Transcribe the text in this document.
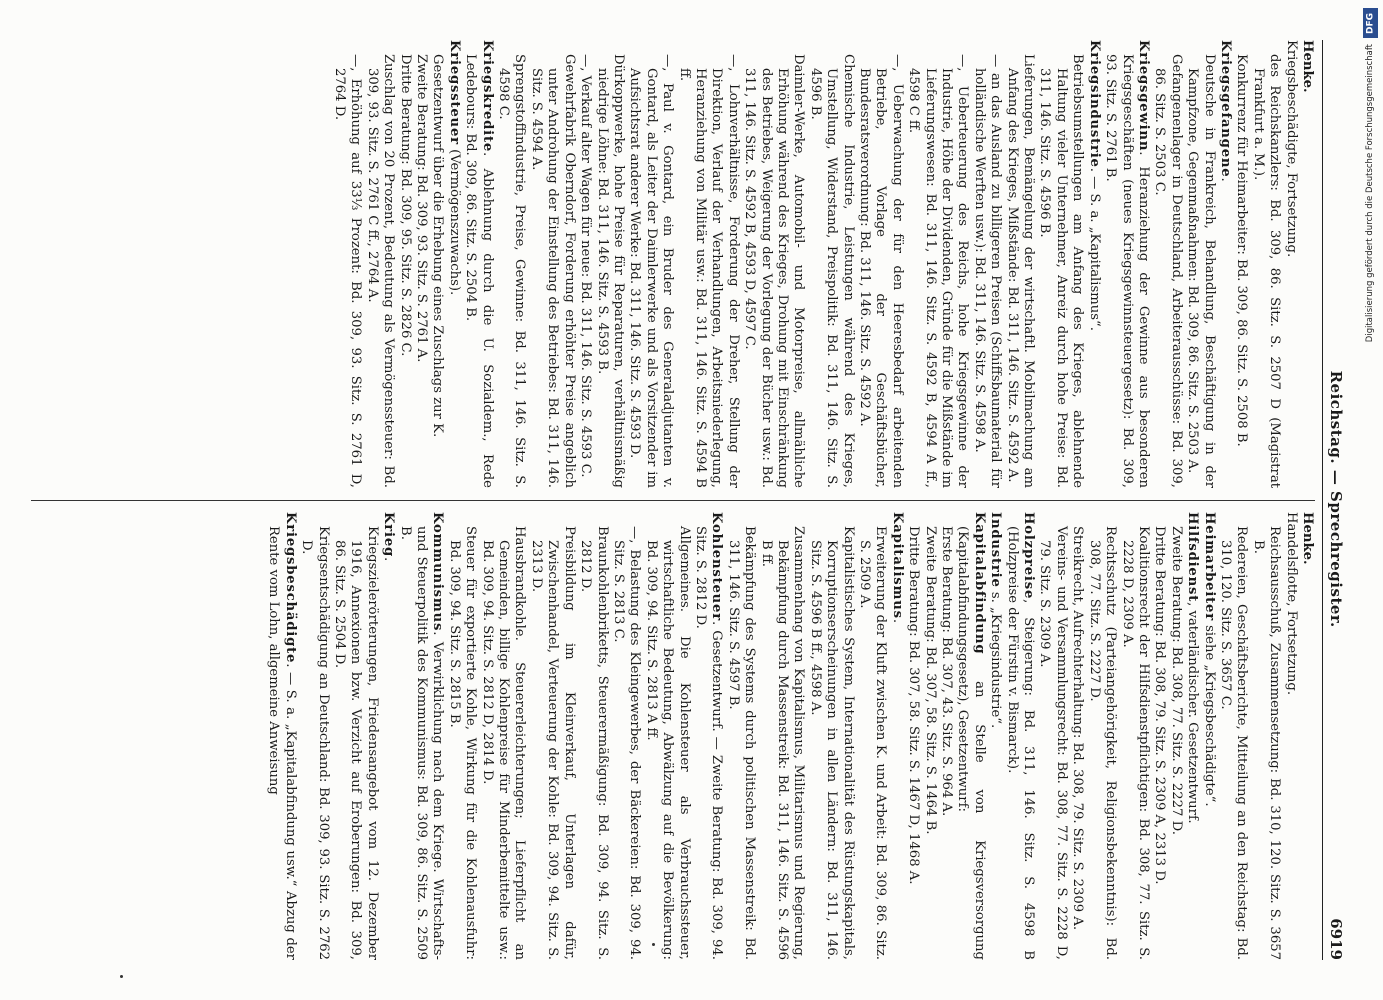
Reichstag. — Sprechregister.
6919

Henke.

Kriegsbeschädigte, Fortsetzung.

des Reichskanzlers: Bd. 309, 86. Sitz. S. 2507 D (Magistrat Frankfurt a. M.).

Konkurrenz für Heimarbeiter: Bd. 309, 86. Sitz. S. 2508 B.

Kriegsgefangene.

Deutsche in Frankreich, Behandlung, Beschäftigung in der Kampfzone, Gegenmaßnahmen: Bd. 309, 86. Sitz. S. 2503 A.

Gefangenenlager in Deutschland, Arbeiterausschüsse: Bd. 309, 86. Sitz. S. 2503 C.

Kriegsgewinn. Heranziehung der Gewinne aus besonderen Kriegsgeschäften (neues Kriegsgewinnsteuergesetz): Bd. 309, 93. Sitz. S. 2761 B.

Kriegsindustrie. — S. a. „Kapitalismus“.

Betriebsumstellungen am Anfang des Krieges, ablehnende Haltung vieler Unternehmer, Anreiz durch hohe Preise: Bd. 311, 146. Sitz. S. 4596 B.

Lieferungen, Bemängelung der wirtschaftl. Mobilmachung am Anfang des Krieges, Mißstände: Bd. 311, 146. Sitz. S. 4592 A.

— an das Ausland zu billigeren Preisen (Schiffsbaumaterial für holländische Werften usw.): Bd. 311, 146. Sitz. S. 4598 A.

—, Ueberteuerung des Reichs, hohe Kriegsgewinne der Industrie, Höhe der Dividenden, Gründe für die Mißstände im Lieferungswesen: Bd. 311, 146. Sitz. S. 4592 B, 4594 A ff., 4598 C ff.

—, Ueberwachung der für den Heeresbedarf arbeitenden Betriebe, Vorlage der Geschäftsbücher, Bundesratsverordnung: Bd. 311, 146. Sitz. S. 4592 A.

Chemische Industrie, Leistungen während des Krieges, Umstellung, Widerstand, Preispolitik: Bd. 311, 146. Sitz. S. 4596 B.

Daimler-Werke, Automobil- und Motorpreise, allmähliche Erhöhung während des Krieges, Drohung mit Einschränkung des Betriebes, Weigerung der Vorlegung der Bücher usw.: Bd. 311, 146. Sitz. S. 4592 B, 4593 D, 4597 C.

—, Lohnverhältnisse, Forderung der Dreher, Stellung der Direktion, Verlauf der Verhandlungen, Arbeitsniederlegung, Heranziehung von Militär usw.: Bd. 311, 146. Sitz. S. 4594 B ff.

—, Paul v. Gontard, ein Bruder des Generaladjutanten v. Gontard, als Leiter der Daimlerwerke und als Vorsitzender im Aufsichtsrat anderer Werke: Bd. 311, 146. Sitz. S. 4593 D.

Dürkoppwerke, hohe Preise für Reparaturen, verhältnismäßig niedrige Löhne: Bd. 311, 146. Sitz. S. 4593 B.

—, Verkauf alter Wagen für neue: Bd. 311, 146. Sitz. S. 4593 C.

Gewehrfabrik Oberndorf, Forderung erhöhter Preise angeblich unter Androhung der Einstellung des Betriebes: Bd. 311, 146. Sitz. S. 4594 A.

Sprengstoffindustrie, Preise, Gewinne: Bd. 311, 146. Sitz. S. 4598 C.

Kriegskredite. Ablehnung durch die U. Sozialdem., Rede Ledebours: Bd. 309, 86. Sitz. S. 2504 B.

Kriegssteuer (Vermögenszuwachs).

Gesetzentwurf über die Erhebung eines Zuschlags zur K.

Zweite Beratung: Bd. 309, 93. Sitz. S. 2761 A.

Dritte Beratung: Bd. 309, 95. Sitz. S. 2826 C.

Zuschlag von 20 Prozent, Bedeutung als Vermögenssteuer: Bd. 309, 93. Sitz. S. 2761 C ff., 2764 A.

—, Erhöhung auf 33⅓ Prozent: Bd. 309, 93. Sitz. S. 2761 D, 2764 D.

Henke.

Handelsflotte, Fortsetzung.

Reichsausschuß, Zusammensetzung: Bd. 310, 120. Sitz. S. 3657 B.

Redereien, Geschäftsberichte, Mitteilung an den Reichstag: Bd. 310, 120. Sitz. S. 3657 C.

Heimarbeiter siehe „Kriegsbeschädigte“.

Hilfsdienst, vaterländischer. Gesetzentwurf.

Zweite Beratung: Bd. 308, 77. Sitz. S. 2227 D.

Dritte Beratung: Bd. 308, 79. Sitz. S. 2309 A, 2313 D.

Koalitionsrecht der Hilfsdienstpflichtigen: Bd. 308, 77. Sitz. S. 2228 D, 2309 A.

Rechtsschutz (Parteiangehörigkeit, Religionsbekenntnis): Bd. 308, 77. Sitz. S. 2227 D.

Streikrecht, Aufrechterhaltung: Bd. 308, 79. Sitz. S. 2309 A.

Vereins- und Versammlungsrecht: Bd. 308, 77. Sitz. S. 2228 D, 79. Sitz. S. 2309 A.

Holzpreise, Steigerung: Bd. 311, 146. Sitz. S. 4598 B (Holzpreise der Fürstin v. Bismarck).

Industrie s. „Kriegsindustrie“.

Kapitalabfindung an Stelle von Kriegsversorgung (Kapitalabfindungsgesetz), Gesetzentwurf:

Erste Beratung: Bd. 307, 43. Sitz. S. 964 A.

Zweite Beratung: Bd. 307, 58. Sitz. S. 1464 B.

Dritte Beratung: Bd. 307, 58. Sitz. S. 1467 D, 1468 A.

Kapitalismus.

Erweiterung der Kluft zwischen K. und Arbeit: Bd. 309, 86. Sitz. S. 2509 A.

Kapitalistisches System, Internationalität des Rüstungskapitals, Korruptionserscheinungen in allen Ländern: Bd. 311, 146. Sitz. S. 4596 B ff., 4598 A.

Zusammenhang von Kapitalismus, Militarismus und Regierung, Bekämpfung durch Massenstreik: Bd. 311, 146. Sitz. S. 4596 B ff.

Bekämpfung des Systems durch politischen Massenstreik: Bd. 311, 146. Sitz. S. 4597 B.

Kohlensteuer. Gesetzentwurf. — Zweite Beratung: Bd. 309, 94. Sitz. S. 2812 D.

Allgemeines. Die Kohlensteuer als Verbrauchssteuer, wirtschaftliche Bedeutung, Abwälzung auf die Bevölkerung: Bd. 309, 94. Sitz. S. 2813 A ff.

—, Belastung des Kleingewerbes, der Bäckereien: Bd. 309, 94. Sitz. S. 2813 C.

Braunkohlenbriketts, Steuerermäßigung: Bd. 309, 94. Sitz. S. 2812 D.

Preisbildung im Kleinverkauf, Unterlagen dafür, Zwischenhandel, Verteuerung der Kohle: Bd. 309, 94. Sitz. S. 2313 D.

Hausbrandkohle. Steuererleichterungen; Lieferpflicht an Gemeinden, billige Kohlenpreise für Minderbemittelte usw.: Bd. 309, 94. Sitz. S. 2812 D, 2814 D.

Steuer für exportierte Kohle, Wirkung für die Kohlenausfuhr: Bd. 309, 94. Sitz. S. 2815 B.

Kommunismus. Verwirklichung nach dem Kriege. Wirtschafts- und Steuerpolitik des Kommunismus: Bd. 309, 86. Sitz. S. 2509 B.

Krieg.

Kriegszielerörterungen, Friedensangebot vom 12. Dezember 1916, Annexionen bzw. Verzicht auf Eroberungen: Bd. 309, 86. Sitz. S. 2504 D.

Kriegsentschädigung an Deutschland: Bd. 309, 93. Sitz. S. 2762 D.

Kriegsbeschädigte. — S. a. „Kapitalabfindung usw.“ Abzug der Rente vom Lohn, allgemeine Anweisung

DFG
Digitalisierung gefördert durch die Deutsche Forschungsgemeinschaft
